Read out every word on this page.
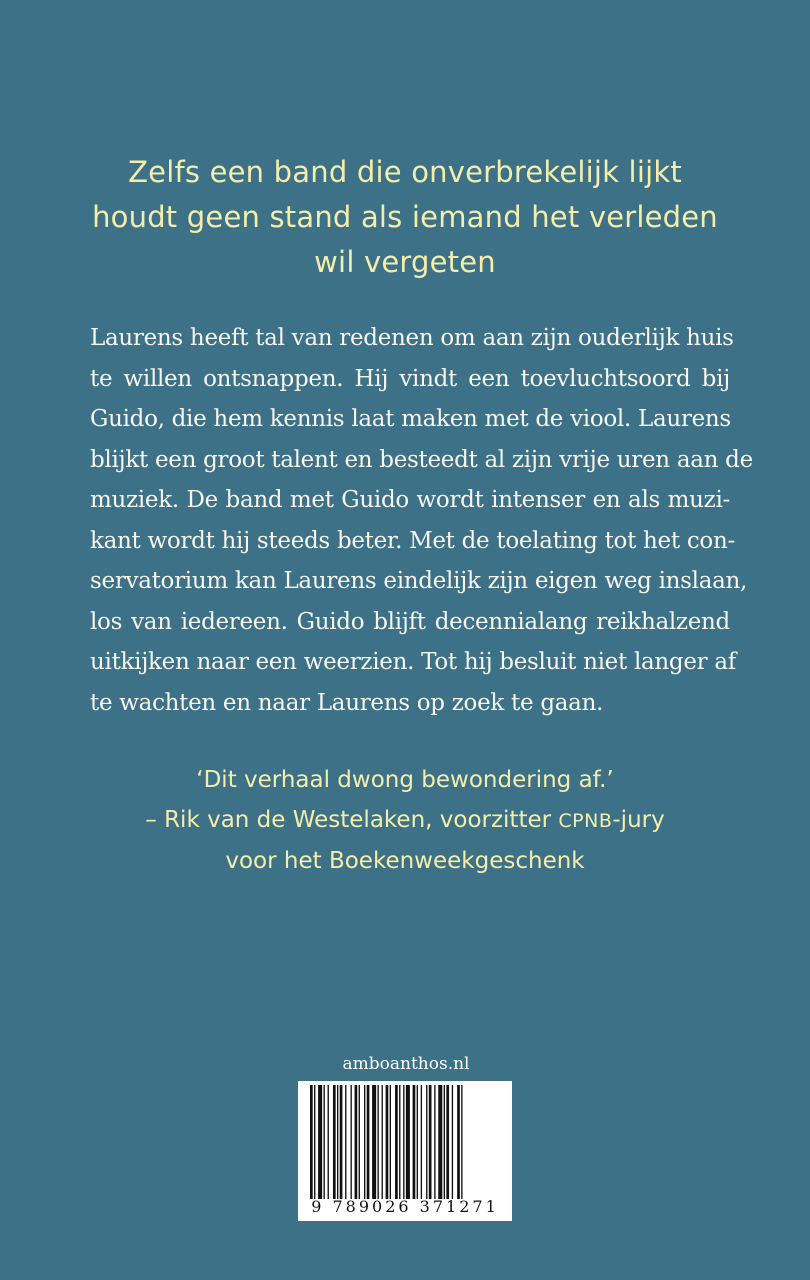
Zelfs een band die onverbrekelijk lijkt
houdt geen stand als iemand het verleden
wil vergeten
Laurens heeft tal van redenen om aan zijn ouderlijk huis
te willen ontsnappen. Hij vindt een toevluchtsoord bij
Guido, die hem kennis laat maken met de viool. Laurens
blijkt een groot talent en besteedt al zijn vrije uren aan de
muziek. De band met Guido wordt intenser en als muzi-
kant wordt hij steeds beter. Met de toelating tot het con-
servatorium kan Laurens eindelijk zijn eigen weg inslaan,
los van iedereen. Guido blijft decennialang reikhalzend
uitkijken naar een weerzien. Tot hij besluit niet langer af
te wachten en naar Laurens op zoek te gaan.
‘Dit verhaal dwong bewondering af.’
– Rik van de Westelaken, voorzitter CPNB-jury
voor het Boekenweekgeschenk
amboanthos.nl
9 789026 371271
